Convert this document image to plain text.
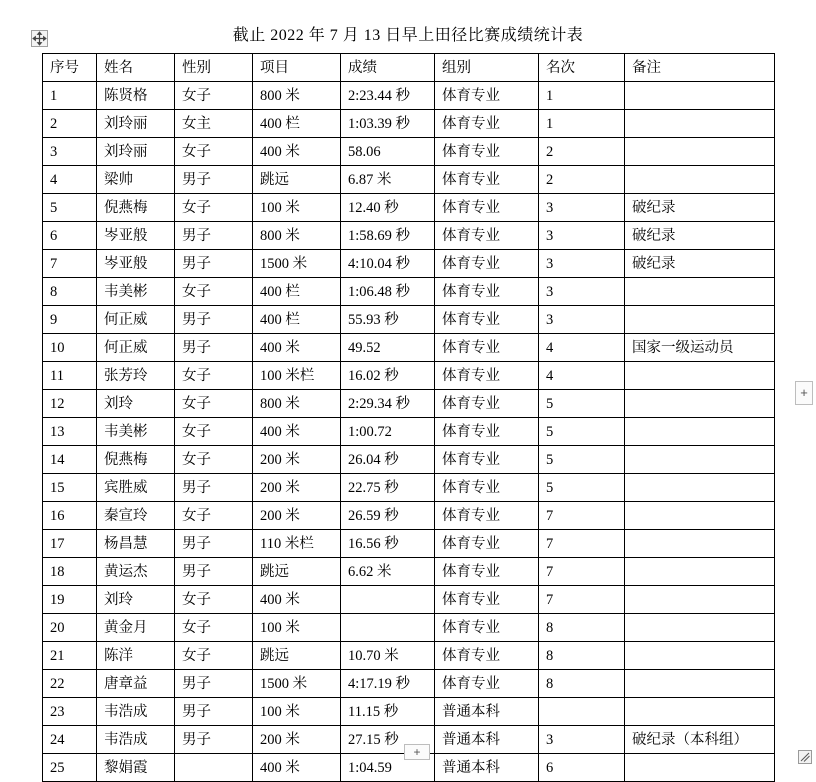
截止 2022 年 7 月 13 日早上田径比赛成绩统计表
序号	姓名	性别	项目	成绩	组别	名次	备注
1	陈贤格	女子	800 米	2:23.44 秒	体育专业	1	
2	刘玲丽	女主	400 栏	1:03.39 秒	体育专业	1	
3	刘玲丽	女子	400 米	58.06	体育专业	2	
4	梁帅	男子	跳远	6.87 米	体育专业	2	
5	倪燕梅	女子	100 米	12.40 秒	体育专业	3	破纪录
6	岑亚般	男子	800 米	1:58.69 秒	体育专业	3	破纪录
7	岑亚般	男子	1500 米	4:10.04 秒	体育专业	3	破纪录
8	韦美彬	女子	400 栏	1:06.48 秒	体育专业	3	
9	何正威	男子	400 栏	55.93 秒	体育专业	3	
10	何正威	男子	400 米	49.52	体育专业	4	国家一级运动员
11	张芳玲	女子	100 米栏	16.02 秒	体育专业	4	
12	刘玲	女子	800 米	2:29.34 秒	体育专业	5	
13	韦美彬	女子	400 米	1:00.72	体育专业	5	
14	倪燕梅	女子	200 米	26.04 秒	体育专业	5	
15	宾胜威	男子	200 米	22.75 秒	体育专业	5	
16	秦宣玲	女子	200 米	26.59 秒	体育专业	7	
17	杨昌慧	男子	110 米栏	16.56 秒	体育专业	7	
18	黄运杰	男子	跳远	6.62 米	体育专业	7	
19	刘玲	女子	400 米		体育专业	7	
20	黄金月	女子	100 米		体育专业	8	
21	陈洋	女子	跳远	10.70 米	体育专业	8	
22	唐章益	男子	1500 米	4:17.19 秒	体育专业	8	
23	韦浩成	男子	100 米	11.15 秒	普通本科		
24	韦浩成	男子	200 米	27.15 秒	普通本科	3	破纪录（本科组）
25	黎娟霞		400 米	1:04.59	普通本科	6	
+
+
